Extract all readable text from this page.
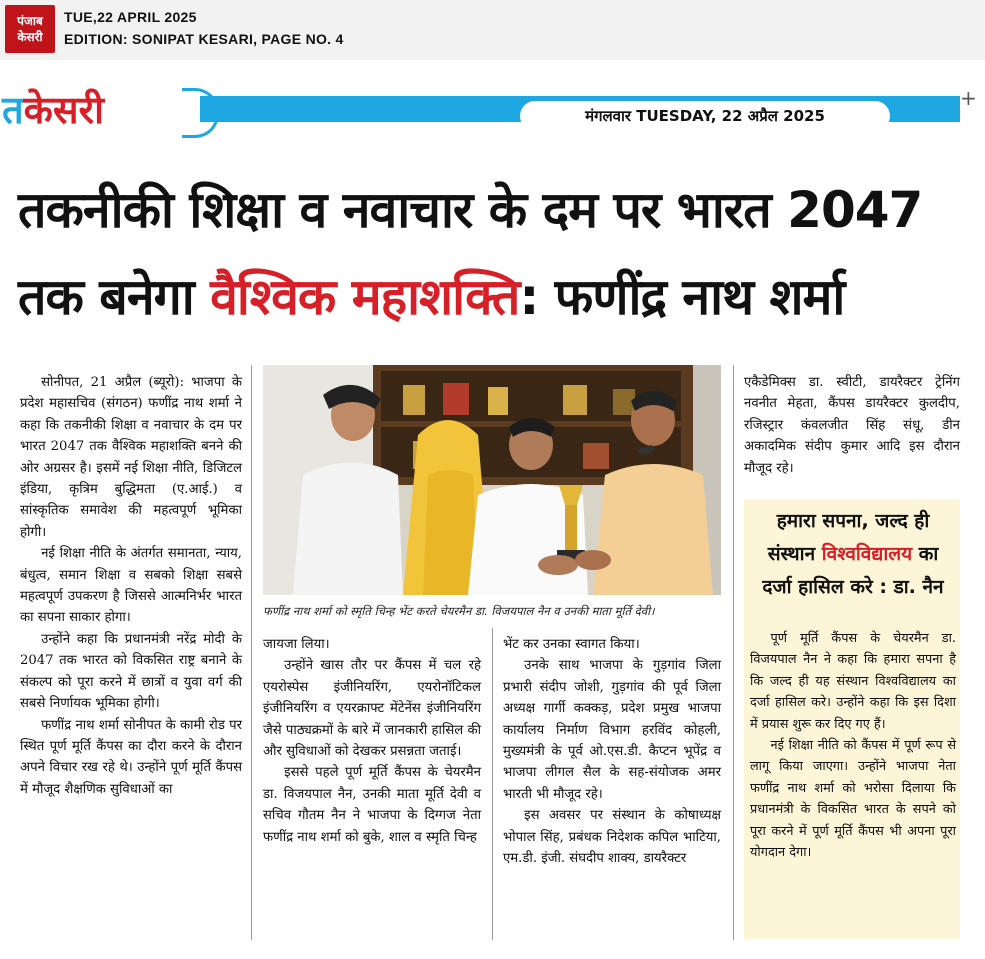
पंजाब
केसरी
TUE,22 APRIL 2025
EDITION: SONIPAT KESARI, PAGE NO. 4
तकेसरी	मंगलवार TUESDAY, 22 अप्रैल 2025
+
तकनीकी शिक्षा व नवाचार के दम पर भारत 2047
तक बनेगा वैश्विक महाशक्ति: फणींद्र नाथ शर्मा

सोनीपत, 21 अप्रैल (ब्यूरो): भाजपा के प्रदेश महासचिव (संगठन) फणींद्र नाथ शर्मा ने कहा कि तकनीकी शिक्षा व नवाचार के दम पर भारत 2047 तक वैश्विक महाशक्ति बनने की ओर अग्रसर है। इसमें नई शिक्षा नीति, डिजिटल इंडिया, कृत्रिम बुद्धिमता (ए.आई.) व सांस्कृतिक समावेश की महत्वपूर्ण भूमिका होगी।

नई शिक्षा नीति के अंतर्गत समानता, न्याय, बंधुत्व, समान शिक्षा व सबको शिक्षा सबसे महत्वपूर्ण उपकरण है जिससे आत्मनिर्भर भारत का सपना साकार होगा।

उन्होंने कहा कि प्रधानमंत्री नरेंद्र मोदी के 2047 तक भारत को विकसित राष्ट्र बनाने के संकल्प को पूरा करने में छात्रों व युवा वर्ग की सबसे निर्णायक भूमिका होगी।

फणींद्र नाथ शर्मा सोनीपत के कामी रोड पर स्थित पूर्ण मूर्ति कैंपस का दौरा करने के दौरान अपने विचार रख रहे थे। उन्होंने पूर्ण मूर्ति कैंपस में मौजूद शैक्षणिक सुविधाओं का

फणींद्र नाथ शर्मा को स्मृति चिन्ह भेंट करते चेयरमैन डा. विजयपाल नैन व उनकी माता मूर्ति देवी।

जायजा लिया।

उन्होंने खास तौर पर कैंपस में चल रहे एयरोस्पेस इंजीनियरिंग, एयरोनॉटिकल इंजीनियरिंग व एयरक्राफ्ट मेंटेनेंस इंजीनियरिंग जैसे पाठ्यक्रमों के बारे में जानकारी हासिल की और सुविधाओं को देखकर प्रसन्नता जताई।

इससे पहले पूर्ण मूर्ति कैंपस के चेयरमैन डा. विजयपाल नैन, उनकी माता मूर्ति देवी व सचिव गौतम नैन ने भाजपा के दिग्गज नेता फणींद्र नाथ शर्मा को बुके, शाल व स्मृति चिन्ह

भेंट कर उनका स्वागत किया।

उनके साथ भाजपा के गुड़गांव जिला प्रभारी संदीप जोशी, गुड़गांव की पूर्व जिला अध्यक्ष गार्गी कक्कड़, प्रदेश प्रमुख भाजपा कार्यालय निर्माण विभाग हरविंद कोहली, मुख्यमंत्री के पूर्व ओ.एस.डी. कैप्टन भूपेंद्र व भाजपा लीगल सैल के सह-संयोजक अमर भारती भी मौजूद रहे।

इस अवसर पर संस्थान के कोषाध्यक्ष भोपाल सिंह, प्रबंधक निदेशक कपिल भाटिया, एम.डी. इंजी. संघदीप शाक्य, डायरैक्टर

एकैडेमिक्स डा. स्वीटी, डायरैक्टर ट्रेनिंग नवनीत मेहता, कैंपस डायरैक्टर कुलदीप, रजिस्ट्रार कंवलजीत सिंह संधू, डीन अकादमिक संदीप कुमार आदि इस दौरान मौजूद रहे।

हमारा सपना, जल्द ही
संस्थान विश्वविद्यालय का
दर्जा हासिल करे : डा. नैन

पूर्ण मूर्ति कैंपस के चेयरमैन डा. विजयपाल नैन ने कहा कि हमारा सपना है कि जल्द ही यह संस्थान विश्वविद्यालय का दर्जा हासिल करे। उन्होंने कहा कि इस दिशा में प्रयास शुरू कर दिए गए हैं।

नई शिक्षा नीति को कैंपस में पूर्ण रूप से लागू किया जाएगा। उन्होंने भाजपा नेता फणींद्र नाथ शर्मा को भरोसा दिलाया कि प्रधानमंत्री के विकसित भारत के सपने को पूरा करने में पूर्ण मूर्ति कैंपस भी अपना पूरा योगदान देगा।
